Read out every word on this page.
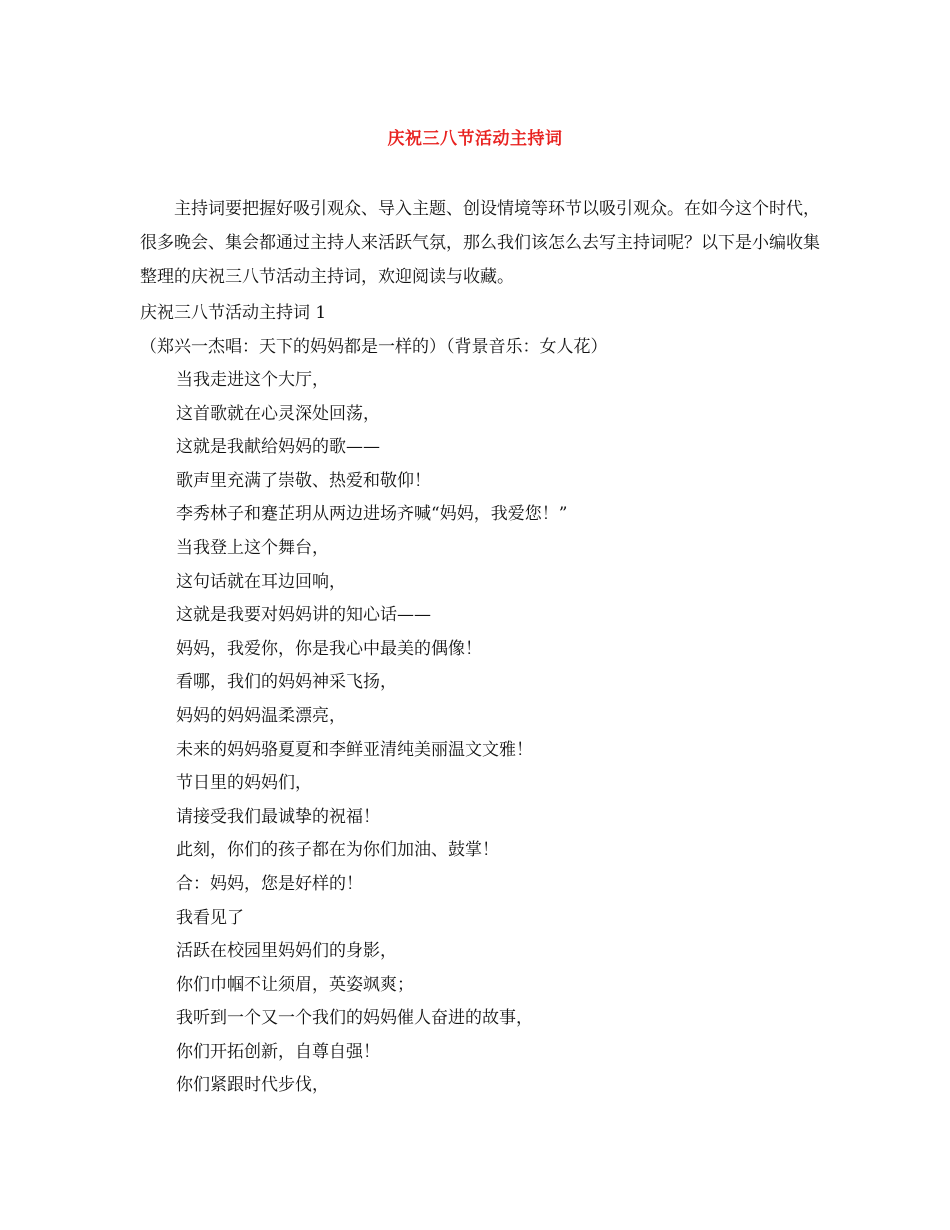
庆祝三八节活动主持词

主持词要把握好吸引观众、导入主题、创设情境等环节以吸引观众。在如今这个时代，很多晚会、集会都通过主持人来活跃气氛，那么我们该怎么去写主持词呢？以下是小编收集整理的庆祝三八节活动主持词，欢迎阅读与收藏。

庆祝三八节活动主持词 1（郑兴一杰唱：天下的妈妈都是一样的）（背景音乐：女人花）

当我走进这个大厅，
这首歌就在心灵深处回荡，
这就是我献给妈妈的歌——
歌声里充满了崇敬、热爱和敬仰！
李秀林子和蹇芷玥从两边进场齐喊“妈妈，我爱您！”
当我登上这个舞台，
这句话就在耳边回响，
这就是我要对妈妈讲的知心话——
妈妈，我爱你，你是我心中最美的偶像！
看哪，我们的妈妈神采飞扬，
妈妈的妈妈温柔漂亮，
未来的妈妈骆夏夏和李鲜亚清纯美丽温文文雅！
节日里的妈妈们，
请接受我们最诚挚的祝福！
此刻，你们的孩子都在为你们加油、鼓掌！
合：妈妈，您是好样的！
我看见了
活跃在校园里妈妈们的身影，
你们巾帼不让须眉，英姿飒爽；
我听到一个又一个我们的妈妈催人奋进的故事，
你们开拓创新，自尊自强！
你们紧跟时代步伐，
